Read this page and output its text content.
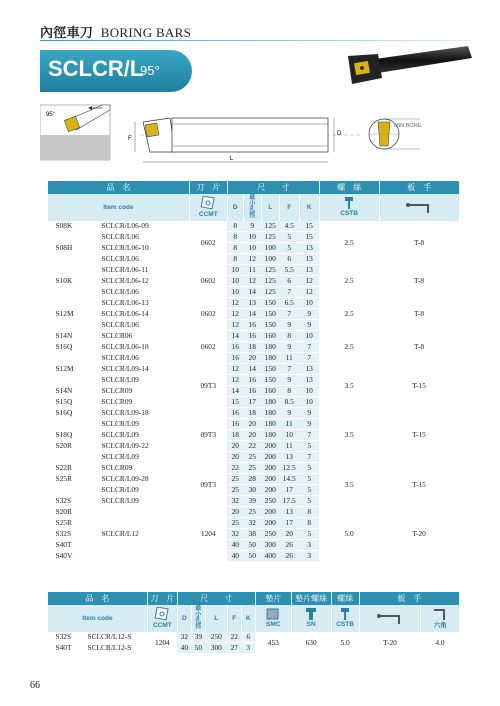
內徑車刀 BORING BARS
SCLCR/L
95°
95°
F
D
L
MIN BORE
品　名		刀　片	尺　　寸					螺　絲	板　手
Item code		CCMT	D	最小孔徑	L	F	K	CSTB	
S08K	SCLCR/L06-09	0602	8	9	125	4.5	15	2.5	T-8
	SCLCR/L06		8	10	125	5	15		
S08H	SCLCR/L06-10		8	10	100	5	13		
	SCLCR/L06		8	12	100	6	13		
	SCLCR/L06-11	0602	10	11	125	5.5	13	2.5	T-8
S10K	SCLCR/L06-12		10	12	125	6	12		
	SCLCR/L06		10	14	125	7	12		
	SCLCR/L06-13	0602	12	13	150	6.5	10	2.5	T-8
S12M	SCLCR/L06-14		12	14	150	7	9		
	SCLCR/L06		12	16	150	9	9		
S14N	SCLCR06	0602	14	16	160	8	10	2.5	T-8
S16Q	SCLCR/L06-18		16	18	180	9	7		
	SCLCR/L06		16	20	180	11	7		
S12M	SCLCR/L09-14	09T3	12	14	150	7	13	3.5	T-15
	SCLCR/L09		12	16	150	9	13		
S14N	SCLCR09		14	16	160	8	10		
S15Q	SCLCR09		15	17	180	8.5	10		
S16Q	SCLCR/L09-18	09T3	16	18	180	9	9	3.5	T-15
	SCLCR/L09		16	20	180	11	9		
S18Q	SCLCR/L09		18	20	180	10	7		
S20R	SCLCR/L09-22		20	22	200	11	5		
	SCLCR/L09		20	25	200	13	7		
S22R	SCLCR09	09T3	22	25	200	12.5	5	3.5	T-15
S25R	SCLCR/L09-28		25	28	200	14.5	5		
	SCLCR/L09		25	30	200	17	5		
S32S	SCLCR/L09		32	39	250	17.5	5		
S20R		1204	20	25	200	13	8	5.0	T-20
S25R			25	32	200	17	8		
S32S	SCLCR/L12		32	38	250	20	5		
S40T			40	50	300	26	3		
S40V			40	50	400	26	3		
品　名		刀　片	尺　　寸					墊片	墊片螺絲	螺絲	板　手	
Item code		CCMT	D	最小孔徑	L	F	K	SMC	SN	CSTB		六角
S32S	SCLCR/L12-S	1204	32	39	250	22	6	453	630	5.0	T-20	4.0
S40T	SCLCR/L12-S		40	50	300	27	3					
66
